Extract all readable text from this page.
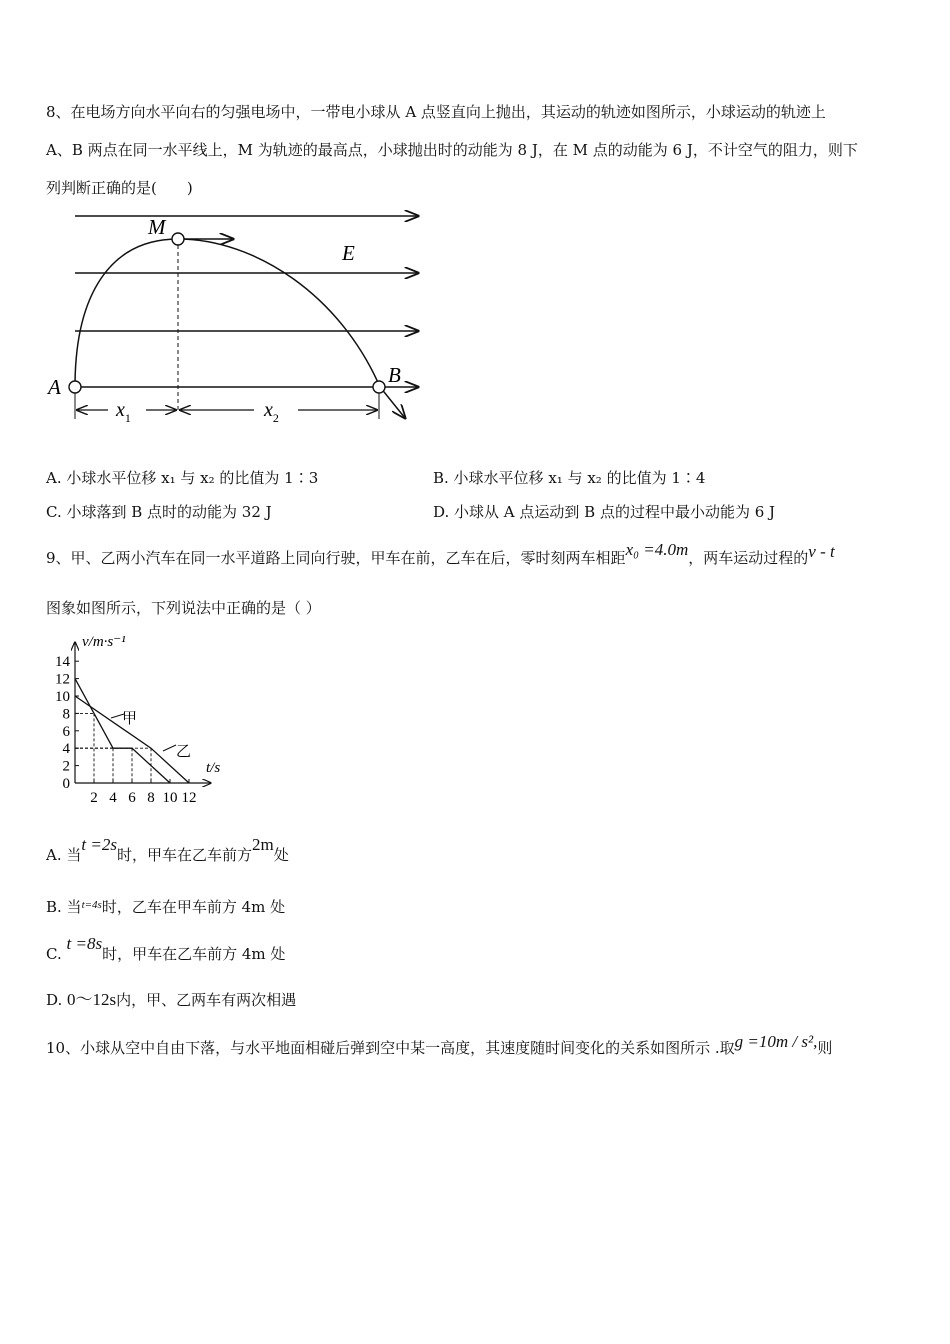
8、在电场方向水平向右的匀强电场中，一带电小球从 A 点竖直向上抛出，其运动的轨迹如图所示，小球运动的轨迹上
A、B 两点在同一水平线上，M 为轨迹的最高点，小球抛出时的动能为 8 J，在 M 点的动能为 6 J，不计空气的阻力，则下
列判断正确的是(　　)
M
E
A	B
$x_1$	$x_2$
A. 小球水平位移 x₁ 与 x₂ 的比值为 1∶3	B. 小球水平位移 x₁ 与 x₂ 的比值为 1∶4
C. 小球落到 B 点时的动能为 32 J	D. 小球从 A 点运动到 B 点的过程中最小动能为 6 J
9、甲、乙两小汽车在同一水平道路上同向行驶，甲车在前，乙车在后，零时刻两车相距x₀ =4.0m，两车运动过程的v - t
图象如图所示，下列说法中正确的是（ ）
0
2
4
6
8
10
12
14
2 4 6 8 10 12
v/m·s⁻¹
t/s
甲
乙
A. 当t =2s时，甲车在乙车前方2m处
B. 当$^{t=4s}$时，乙车在甲车前方 4m 处
C. t =8s时，甲车在乙车前方 4m 处
D. 0～12s内，甲、乙两车有两次相遇
10、小球从空中自由下落，与水平地面相碰后弹到空中某一高度，其速度随时间变化的关系如图所示 .取g =10m / s²,则
